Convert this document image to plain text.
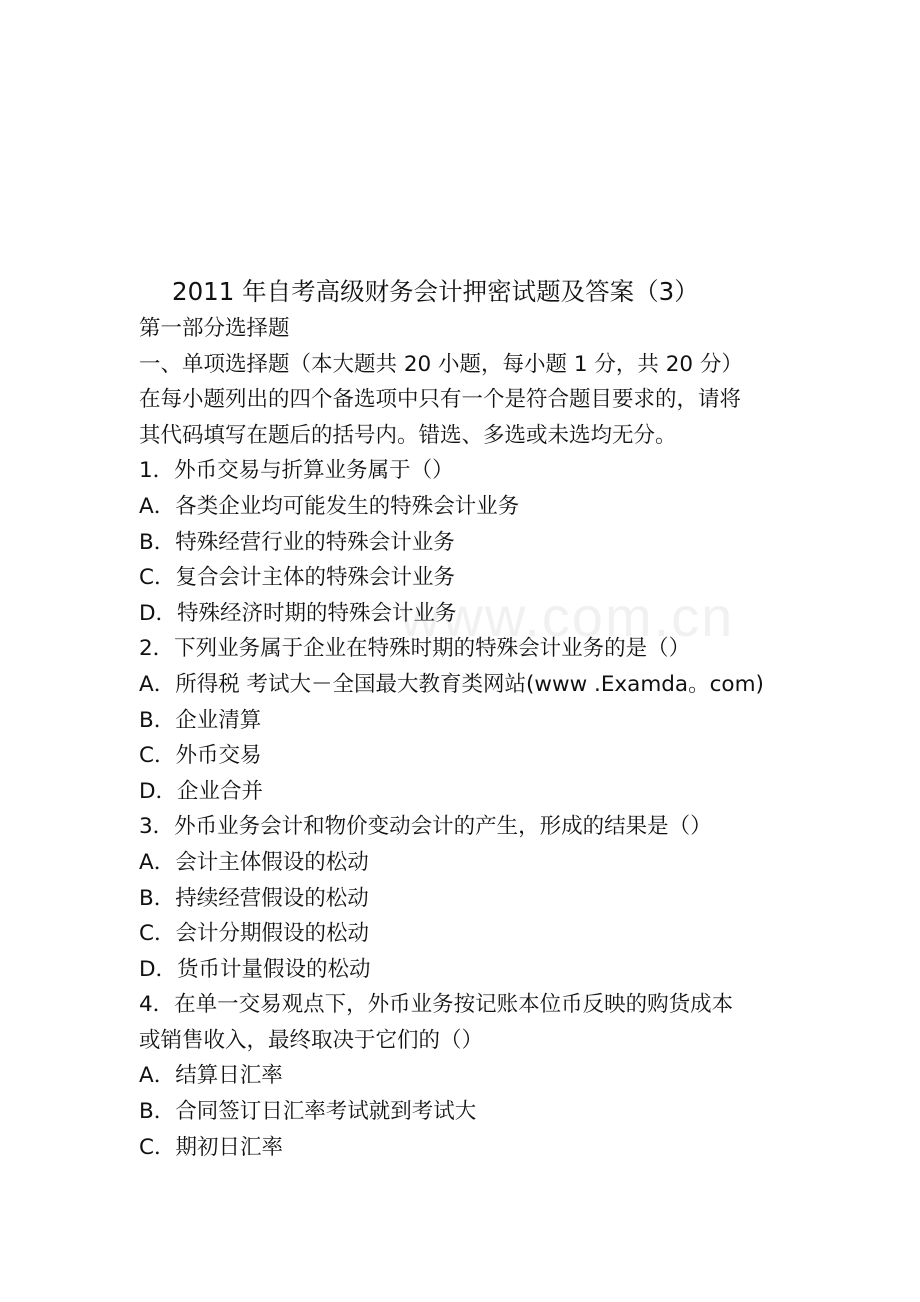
www.com.cn
2011 年自考高级财务会计押密试题及答案（3）
第一部分选择题
一、单项选择题（本大题共 20 小题，每小题 1 分，共 20 分）
在每小题列出的四个备选项中只有一个是符合题目要求的，请将
其代码填写在题后的括号内。错选、多选或未选均无分。
1．外币交易与折算业务属于（）
A．各类企业均可能发生的特殊会计业务
B．特殊经营行业的特殊会计业务
C．复合会计主体的特殊会计业务
D．特殊经济时期的特殊会计业务
2．下列业务属于企业在特殊时期的特殊会计业务的是（）
A．所得税 考试大－全国最大教育类网站(www .Examda。com)
B．企业清算
C．外币交易
D．企业合并
3．外币业务会计和物价变动会计的产生，形成的结果是（）
A．会计主体假设的松动
B．持续经营假设的松动
C．会计分期假设的松动
D．货币计量假设的松动
4．在单一交易观点下，外币业务按记账本位币反映的购货成本
或销售收入，最终取决于它们的（）
A．结算日汇率
B．合同签订日汇率考试就到考试大
C．期初日汇率
